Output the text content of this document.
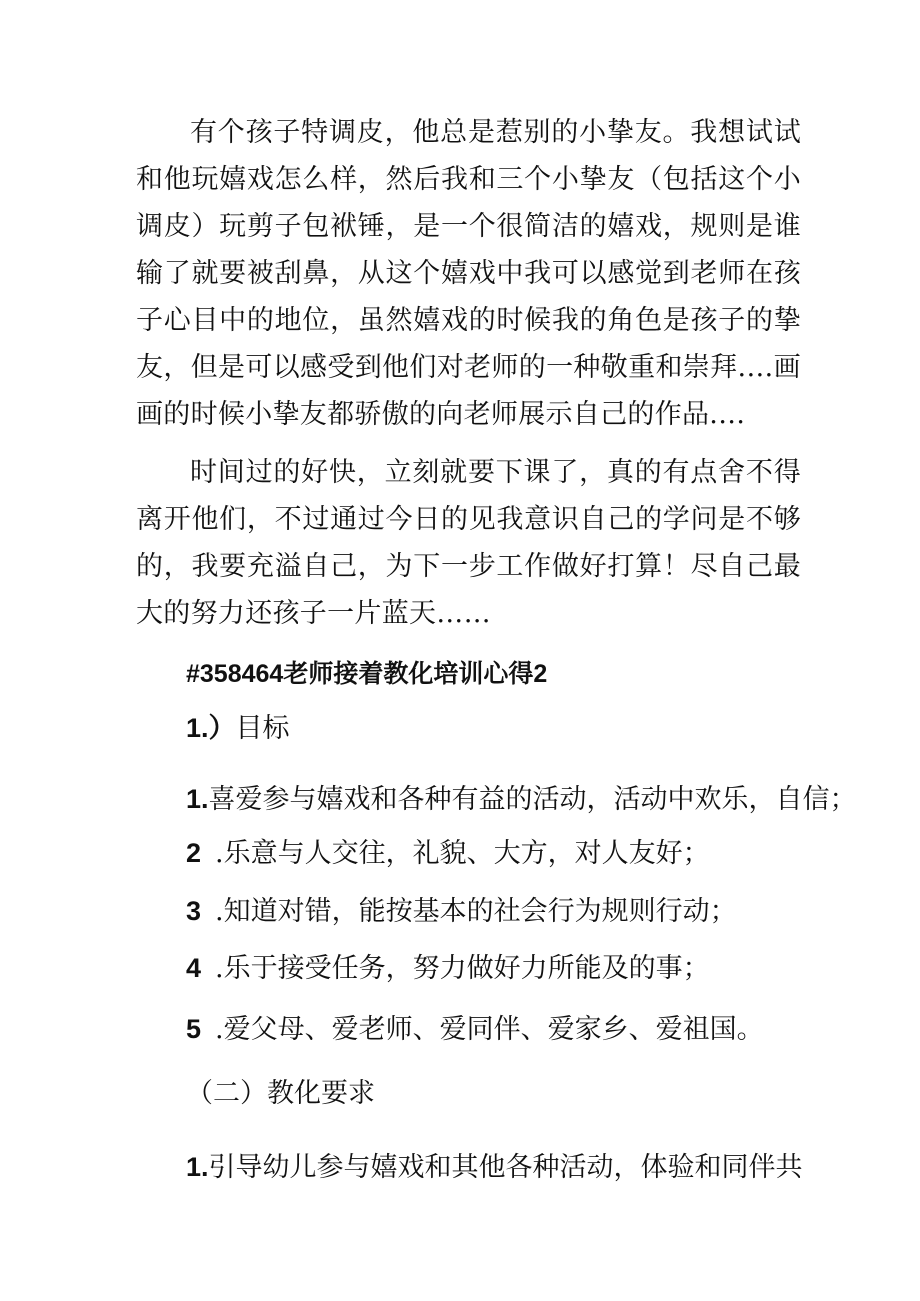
有个孩子特调皮，他总是惹别的小挚友。我想试试和他玩嬉戏怎么样，然后我和三个小挚友（包括这个小调皮）玩剪子包袱锤，是一个很简洁的嬉戏，规则是谁输了就要被刮鼻，从这个嬉戏中我可以感觉到老师在孩子心目中的地位，虽然嬉戏的时候我的角色是孩子的挚友，但是可以感受到他们对老师的一种敬重和崇拜.…画画的时候小挚友都骄傲的向老师展示自己的作品.…

时间过的好快，立刻就要下课了，真的有点舍不得离开他们，不过通过今日的见我意识自己的学问是不够的，我要充溢自己，为下一步工作做好打算！尽自己最大的努力还孩子一片蓝天……

#358464老师接着教化培训心得2
1.）目标
1.喜爱参与嬉戏和各种有益的活动，活动中欢乐，自信；
2 .乐意与人交往，礼貌、大方，对人友好；
3 .知道对错，能按基本的社会行为规则行动；
4 .乐于接受任务，努力做好力所能及的事；
5 .爱父母、爱老师、爱同伴、爱家乡、爱祖国。
（二）教化要求
1.引导幼儿参与嬉戏和其他各种活动，体验和同伴共
